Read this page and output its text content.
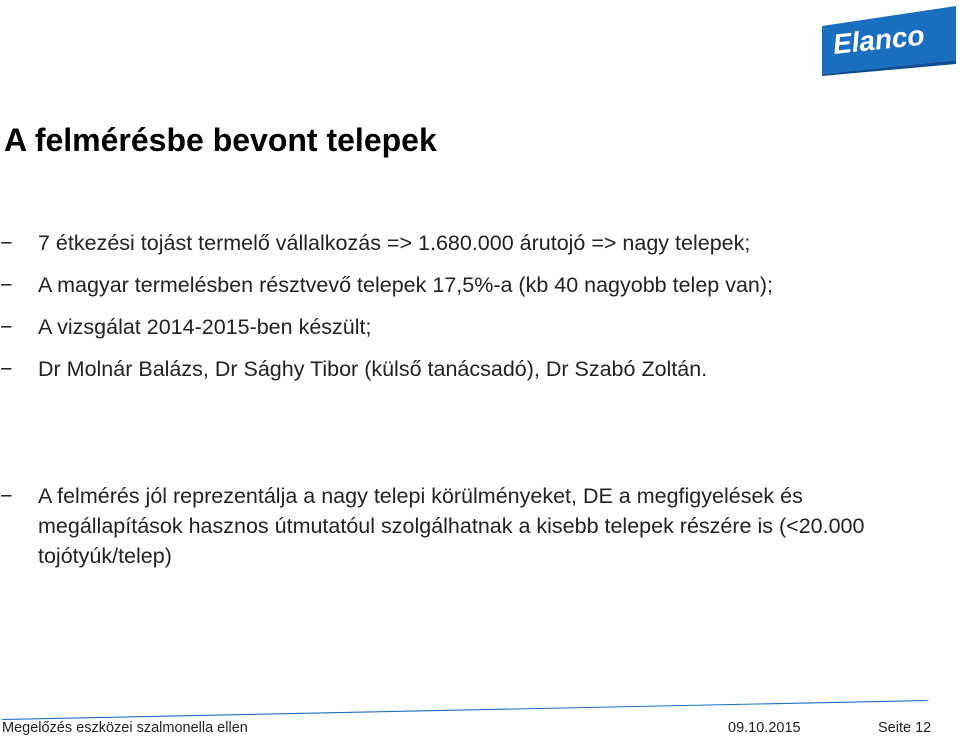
Elanco
A felmérésbe bevont telepek
−	7 étkezési tojást termelő vállalkozás => 1.680.000 árutojó => nagy telepek;
−	A magyar termelésben résztvevő telepek 17,5%-a (kb 40 nagyobb telep van);
−	A vizsgálat 2014-2015-ben készült;
−	Dr Molnár Balázs, Dr Sághy Tibor (külső tanácsadó), Dr Szabó Zoltán.
−	A felmérés jól reprezentálja a nagy telepi körülményeket, DE a megfigyelések és megállapítások hasznos útmutatóul szolgálhatnak a kisebb telepek részére is (<20.000 tojótyúk/telep)
Megelőzés eszközei szalmonella ellen	09.10.2015	Seite 12
